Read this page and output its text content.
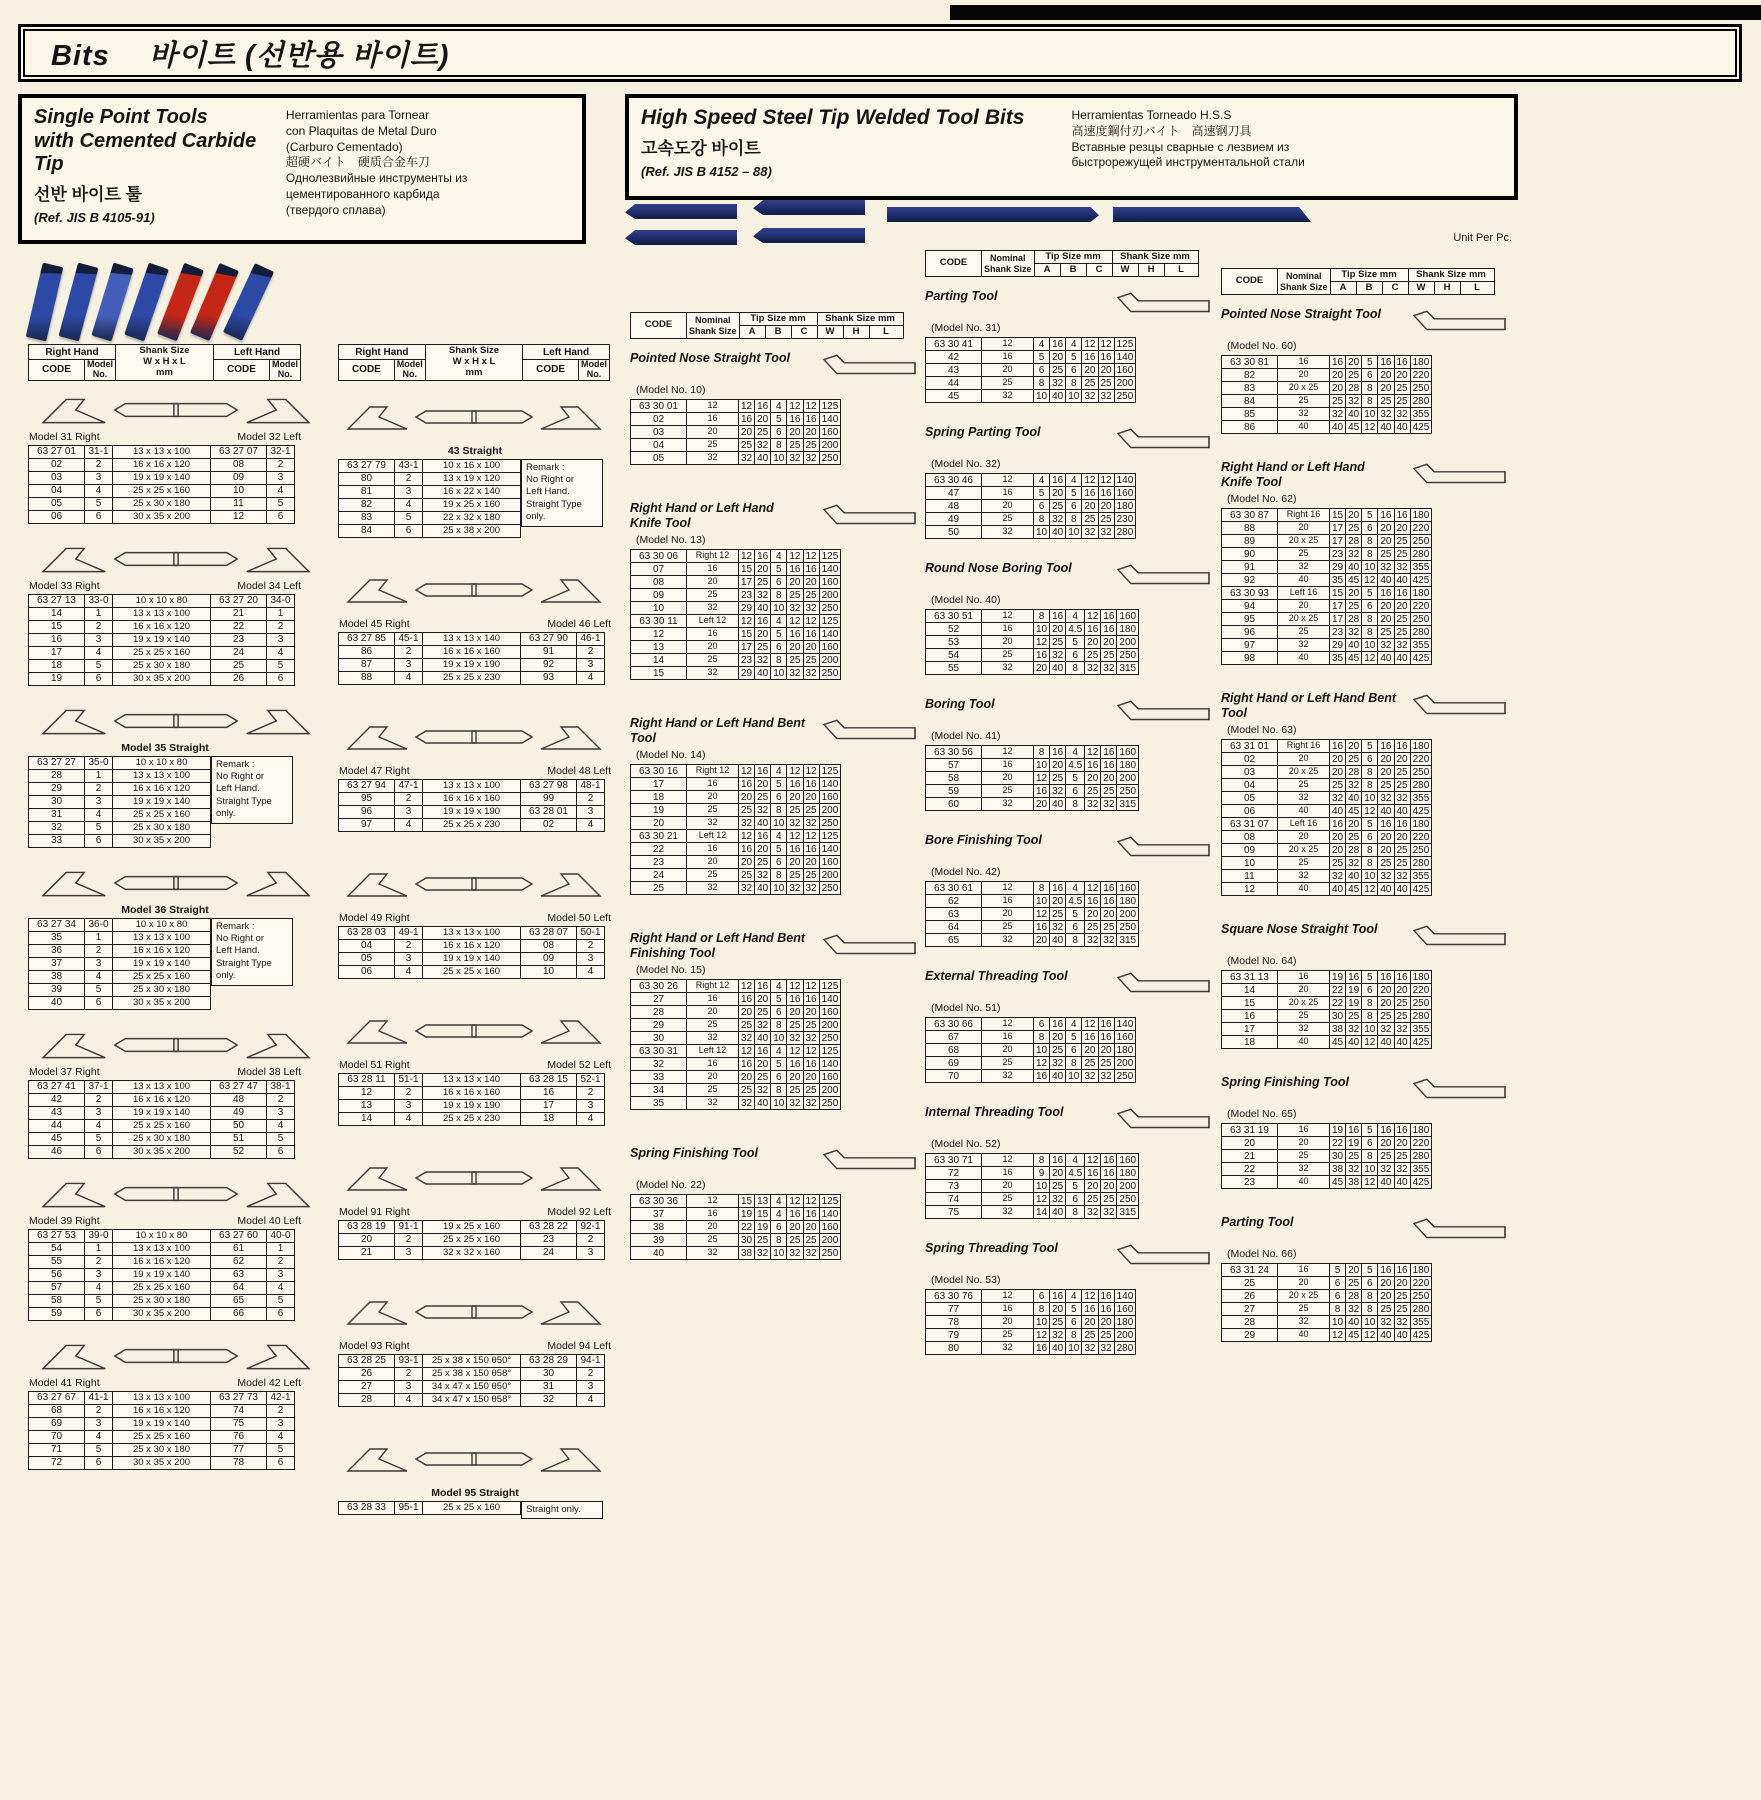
Bits　 바이트 (선반용 바이트)
Single Point Tools
with Cemented Carbide Tip
선반 바이트 툴
(Ref. JIS B 4105-91)
Herramientas para Tornear
con Plaquitas de Metal Duro
(Carburo Cementado)
超硬バイト　硬质合金车刀
Однолезвийные инструменты из
цементированного карбида
(твердого сплава)
High Speed Steel Tip Welded Tool Bits
고속도강 바이트
(Ref. JIS B 4152 – 88)
Herramientas Torneado H.S.S
高速度鋼付刃バイト　高速钢刀具
Вставные резцы сварные с лезвием из
быстрорежущей инструментальной стали
Unit Per Pc.
Right Hand		Shank Size
W x H x L
mm	Left Hand	
CODE	Model
No.		CODE	Model
No.
Model 31 Right	Model 32 Left
63 27 01	31-1	13 x 13 x 100	63 27 07	32-1
02	2	16 x 16 x 120	08	2
03	3	19 x 19 x 140	09	3
04	4	25 x 25 x 160	10	4
05	5	25 x 30 x 180	11	5
06	6	30 x 35 x 200	12	6
Model 33 Right	Model 34 Left
63 27 13	33-0	10 x 10 x 80	63 27 20	34-0
14	1	13 x 13 x 100	21	1
15	2	16 x 16 x 120	22	2
16	3	19 x 19 x 140	23	3
17	4	25 x 25 x 160	24	4
18	5	25 x 30 x 180	25	5
19	6	30 x 35 x 200	26	6
Model 35 Straight
63 27 27	35-0	10 x 10 x 80
28	1	13 x 13 x 100
29	2	16 x 16 x 120
30	3	19 x 19 x 140
31	4	25 x 25 x 160
32	5	25 x 30 x 180
33	6	30 x 35 x 200
Remark :
No Right or
Left Hand.
Straight Type
only.
Model 36 Straight
63 27 34	36-0	10 x 10 x 80
35	1	13 x 13 x 100
36	2	16 x 16 x 120
37	3	19 x 19 x 140
38	4	25 x 25 x 160
39	5	25 x 30 x 180
40	6	30 x 35 x 200
Remark :
No Right or
Left Hand.
Straight Type
only.
Model 37 Right	Model 38 Left
63 27 41	37-1	13 x 13 x 100	63 27 47	38-1
42	2	16 x 16 x 120	48	2
43	3	19 x 19 x 140	49	3
44	4	25 x 25 x 160	50	4
45	5	25 x 30 x 180	51	5
46	6	30 x 35 x 200	52	6
Model 39 Right	Model 40 Left
63 27 53	39-0	10 x 10 x 80	63 27 60	40-0
54	1	13 x 13 x 100	61	1
55	2	16 x 16 x 120	62	2
56	3	19 x 19 x 140	63	3
57	4	25 x 25 x 160	64	4
58	5	25 x 30 x 180	65	5
59	6	30 x 35 x 200	66	6
Model 41 Right	Model 42 Left
63 27 67	41-1	13 x 13 x 100	63 27 73	42-1
68	2	16 x 16 x 120	74	2
69	3	19 x 19 x 140	75	3
70	4	25 x 25 x 160	76	4
71	5	25 x 30 x 180	77	5
72	6	30 x 35 x 200	78	6
Right Hand		Shank Size
W x H x L
mm	Left Hand	
CODE	Model
No.		CODE	Model
No.
43 Straight
63 27 79	43-1	10 x 16 x 100
80	2	13 x 19 x 120
81	3	16 x 22 x 140
82	4	19 x 25 x 160
83	5	22 x 32 x 180
84	6	25 x 38 x 200
Remark :
No Right or
Left Hand.
Straight Type
only.
Model 45 Right	Model 46 Left
63 27 85	45-1	13 x 13 x 140	63 27 90	46-1
86	2	16 x 16 x 160	91	2
87	3	19 x 19 x 190	92	3
88	4	25 x 25 x 230	93	4
Model 47 Right	Model 48 Left
63 27 94	47-1	13 x 13 x 100	63 27 98	48-1
95	2	16 x 16 x 160	99	2
96	3	19 x 19 x 190	63 28 01	3
97	4	25 x 25 x 230	02	4
Model 49 Right	Model 50 Left
63 28 03	49-1	13 x 13 x 100	63 28 07	50-1
04	2	16 x 16 x 120	08	2
05	3	19 x 19 x 140	09	3
06	4	25 x 25 x 160	10	4
Model 51 Right	Model 52 Left
63 28 11	51-1	13 x 13 x 140	63 28 15	52-1
12	2	16 x 16 x 160	16	2
13	3	19 x 19 x 190	17	3
14	4	25 x 25 x 230	18	4
Model 91 Right	Model 92 Left
63 28 19	91-1	19 x 25 x 160	63 28 22	92-1
20	2	25 x 25 x 160	23	2
21	3	32 x 32 x 160	24	3
Model 93 Right	Model 94 Left
63 28 25	93-1	25 x 38 x 150 θ50°	63 28 29	94-1
26	2	25 x 38 x 150 θ58°	30	2
27	3	34 x 47 x 150 θ50°	31	3
28	4	34 x 47 x 150 θ58°	32	4
Model 95 Straight
63 28 33	95-1	25 x 25 x 160	Straight only.
CODE	Nominal
Shank Size	Tip Size mm			Shank Size mm		
		A	B	C	W	H	L
Pointed Nose Straight Tool
(Model No. 10)
63 30 01	12	12	16	4	12	12	125
02	16	16	20	5	16	16	140
03	20	20	25	6	20	20	160
04	25	25	32	8	25	25	200
05	32	32	40	10	32	32	250
Right Hand or Left Hand Knife Tool
(Model No. 13)
63 30 06	Right 12	12	16	4	12	12	125
07	16	15	20	5	16	16	140
08	20	17	25	6	20	20	160
09	25	23	32	8	25	25	200
10	32	29	40	10	32	32	250
63 30 11	Left 12	12	16	4	12	12	125
12	16	15	20	5	16	16	140
13	20	17	25	6	20	20	160
14	25	23	32	8	25	25	200
15	32	29	40	10	32	32	250
Right Hand or Left Hand Bent Tool
(Model No. 14)
63 30 16	Right 12	12	16	4	12	12	125
17	16	16	20	5	16	16	140
18	20	20	25	6	20	20	160
19	25	25	32	8	25	25	200
20	32	32	40	10	32	32	250
63 30 21	Left 12	12	16	4	12	12	125
22	16	16	20	5	16	16	140
23	20	20	25	6	20	20	160
24	25	25	32	8	25	25	200
25	32	32	40	10	32	32	250
Right Hand or Left Hand Bent Finishing Tool
(Model No. 15)
63 30 26	Right 12	12	16	4	12	12	125
27	16	16	20	5	16	16	140
28	20	20	25	6	20	20	160
29	25	25	32	8	25	25	200
30	32	32	40	10	32	32	250
63 30 31	Left 12	12	16	4	12	12	125
32	16	16	20	5	16	16	140
33	20	20	25	6	20	20	160
34	25	25	32	8	25	25	200
35	32	32	40	10	32	32	250
Spring Finishing Tool
(Model No. 22)
63 30 36	12	15	13	4	12	12	125
37	16	19	15	4	16	16	140
38	20	22	19	6	20	20	160
39	25	30	25	8	25	25	200
40	32	38	32	10	32	32	250
CODE	Nominal
Shank Size	Tip Size mm			Shank Size mm		
		A	B	C	W	H	L
Parting Tool
(Model No. 31)
63 30 41	12	4	16	4	12	12	125
42	16	5	20	5	16	16	140
43	20	6	25	6	20	20	160
44	25	8	32	8	25	25	200
45	32	10	40	10	32	32	250
Spring Parting Tool
(Model No. 32)
63 30 46	12	4	16	4	12	12	140
47	16	5	20	5	16	16	160
48	20	6	25	6	20	20	180
49	25	8	32	8	25	25	230
50	32	10	40	10	32	32	280
Round Nose Boring Tool
(Model No. 40)
63 30 51	12	8	16	4	12	16	160
52	16	10	20	4.5	16	16	180
53	20	12	25	5	20	20	200
54	25	16	32	6	25	25	250
55	32	20	40	8	32	32	315
Boring Tool
(Model No. 41)
63 30 56	12	8	16	4	12	16	160
57	16	10	20	4.5	16	16	180
58	20	12	25	5	20	20	200
59	25	16	32	6	25	25	250
60	32	20	40	8	32	32	315
Bore Finishing Tool
(Model No. 42)
63 30 61	12	8	16	4	12	16	160
62	16	10	20	4.5	16	16	180
63	20	12	25	5	20	20	200
64	25	16	32	6	25	25	250
65	32	20	40	8	32	32	315
External Threading Tool
(Model No. 51)
63 30 66	12	6	16	4	12	16	140
67	16	8	20	5	16	16	160
68	20	10	25	6	20	20	180
69	25	12	32	8	25	25	200
70	32	16	40	10	32	32	250
Internal Threading Tool
(Model No. 52)
63 30 71	12	8	16	4	12	16	160
72	16	9	20	4.5	16	16	180
73	20	10	25	5	20	20	200
74	25	12	32	6	25	25	250
75	32	14	40	8	32	32	315
Spring Threading Tool
(Model No. 53)
63 30 76	12	6	16	4	12	16	140
77	16	8	20	5	16	16	160
78	20	10	25	6	20	20	180
79	25	12	32	8	25	25	200
80	32	16	40	10	32	32	280
CODE	Nominal
Shank Size	Tip Size mm			Shank Size mm		
		A	B	C	W	H	L
Pointed Nose Straight Tool
(Model No. 60)
63 30 81	16	16	20	5	16	16	180
82	20	20	25	6	20	20	220
83	20 x 25	20	28	8	20	25	250
84	25	25	32	8	25	25	280
85	32	32	40	10	32	32	355
86	40	40	45	12	40	40	425
Right Hand or Left Hand Knife Tool
(Model No. 62)
63 30 87	Right 16	15	20	5	16	16	180
88	20	17	25	6	20	20	220
89	20 x 25	17	28	8	20	25	250
90	25	23	32	8	25	25	280
91	32	29	40	10	32	32	355
92	40	35	45	12	40	40	425
63 30 93	Left 16	15	20	5	16	16	180
94	20	17	25	6	20	20	220
95	20 x 25	17	28	8	20	25	250
96	25	23	32	8	25	25	280
97	32	29	40	10	32	32	355
98	40	35	45	12	40	40	425
Right Hand or Left Hand Bent Tool
(Model No. 63)
63 31 01	Right 16	16	20	5	16	16	180
02	20	20	25	6	20	20	220
03	20 x 25	20	28	8	20	25	250
04	25	25	32	8	25	25	280
05	32	32	40	10	32	32	355
06	40	40	45	12	40	40	425
63 31 07	Left 16	16	20	5	16	16	180
08	20	20	25	6	20	20	220
09	20 x 25	20	28	8	20	25	250
10	25	25	32	8	25	25	280
11	32	32	40	10	32	32	355
12	40	40	45	12	40	40	425
Square Nose Straight Tool
(Model No. 64)
63 31 13	16	19	16	5	16	16	180
14	20	22	19	6	20	20	220
15	20 x 25	22	19	8	20	25	250
16	25	30	25	8	25	25	280
17	32	38	32	10	32	32	355
18	40	45	40	12	40	40	425
Spring Finishing Tool
(Model No. 65)
63 31 19	16	19	16	5	16	16	180
20	20	22	19	6	20	20	220
21	25	30	25	8	25	25	280
22	32	38	32	10	32	32	355
23	40	45	38	12	40	40	425
Parting Tool
(Model No. 66)
63 31 24	16	5	20	5	16	16	180
25	20	6	25	6	20	20	220
26	20 x 25	6	28	8	20	25	250
27	25	8	32	8	25	25	280
28	32	10	40	10	32	32	355
29	40	12	45	12	40	40	425
